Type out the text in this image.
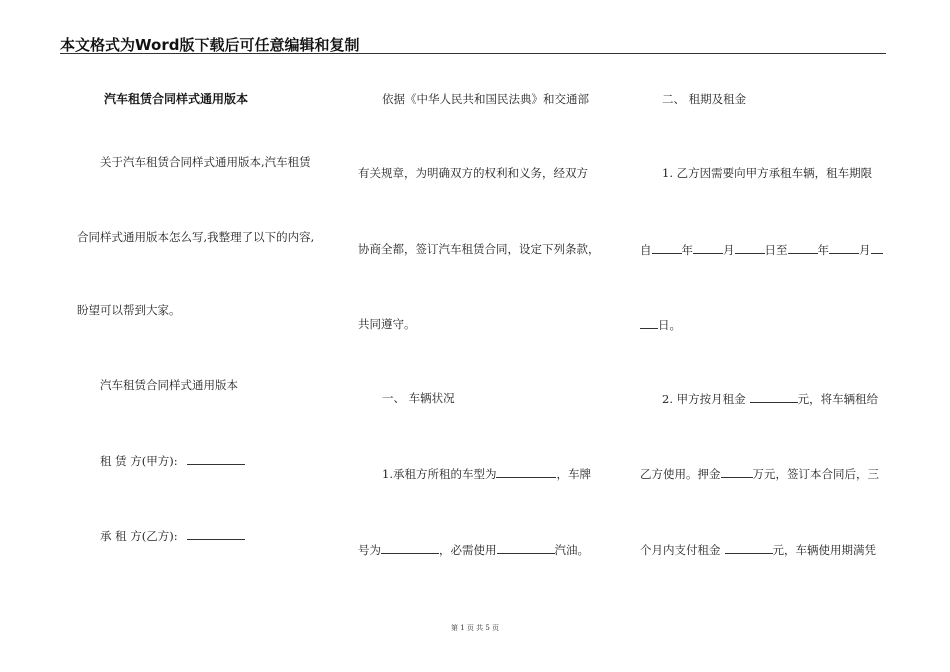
本文格式为Word版下载后可任意编辑和复制
汽车租赁合同样式通用版本
关于汽车租赁合同样式通用版本,汽车租赁
合同样式通用版本怎么写,我整理了以下的内容,
盼望可以帮到大家。
汽车租赁合同样式通用版本
租 赁 方(甲方):
承 租 方(乙方):
依据《中华人民共和国民法典》和交通部
有关规章，为明确双方的权利和义务，经双方
协商全都，签订汽车租赁合同，设定下列条款，
共同遵守。
一、 车辆状况
1.承租方所租的车型为	，车牌
号为	，必需使用	汽油。
二、 租期及租金
1. 乙方因需要向甲方承租车辆，租车期限
自	年	月	日至	年	月
日。
2. 甲方按月租金	元，将车辆租给
乙方使用。押金	万元，签订本合同后，三
个月内支付租金	元，车辆使用期满凭
第 1 页 共 5 页
